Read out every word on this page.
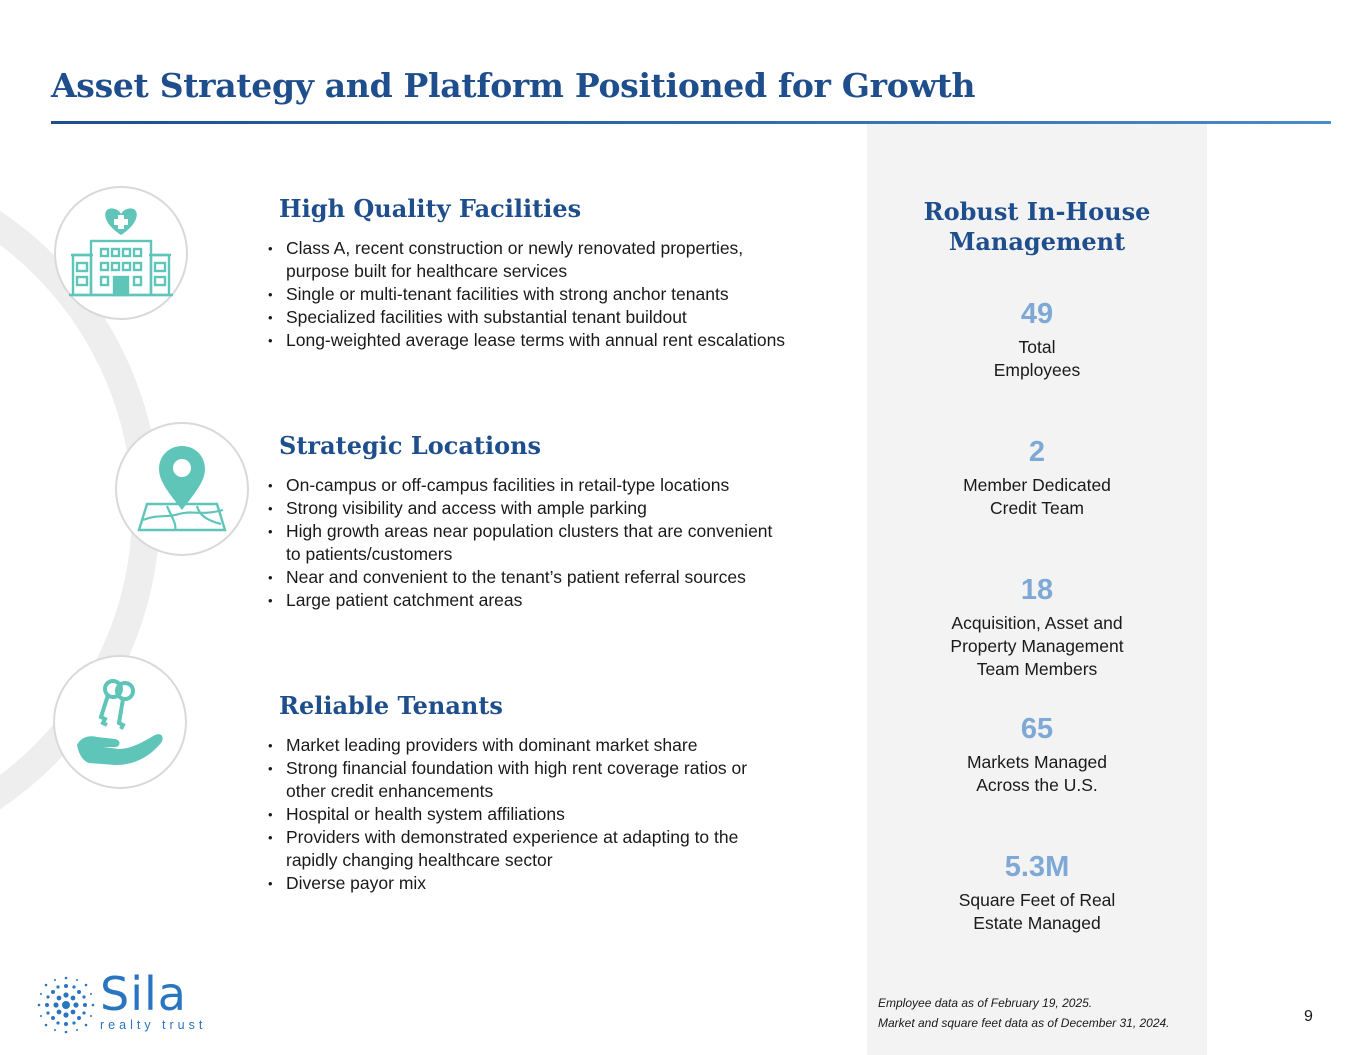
Asset Strategy and Platform Positioned for Growth
High Quality Facilities
• Class A, recent construction or newly renovated properties, purpose built for healthcare services
• Single or multi-tenant facilities with strong anchor tenants
• Specialized facilities with substantial tenant buildout
• Long-weighted average lease terms with annual rent escalations
Strategic Locations
• On-campus or off-campus facilities in retail-type locations
• Strong visibility and access with ample parking
• High growth areas near population clusters that are convenient to patients/customers
• Near and convenient to the tenant’s patient referral sources
• Large patient catchment areas
Reliable Tenants
• Market leading providers with dominant market share
• Strong financial foundation with high rent coverage ratios or other credit enhancements
• Hospital or health system affiliations
• Providers with demonstrated experience at adapting to the rapidly changing healthcare sector
• Diverse payor mix
Robust In-House
Management
49
Total
Employees
2
Member Dedicated
Credit Team
18
Acquisition, Asset and
Property Management
Team Members
65
Markets Managed
Across the U.S.
5.3M
Square Feet of Real
Estate Managed
Employee data as of February 19, 2025.
Market and square feet data as of December 31, 2024.	9
Sila
realty trust
